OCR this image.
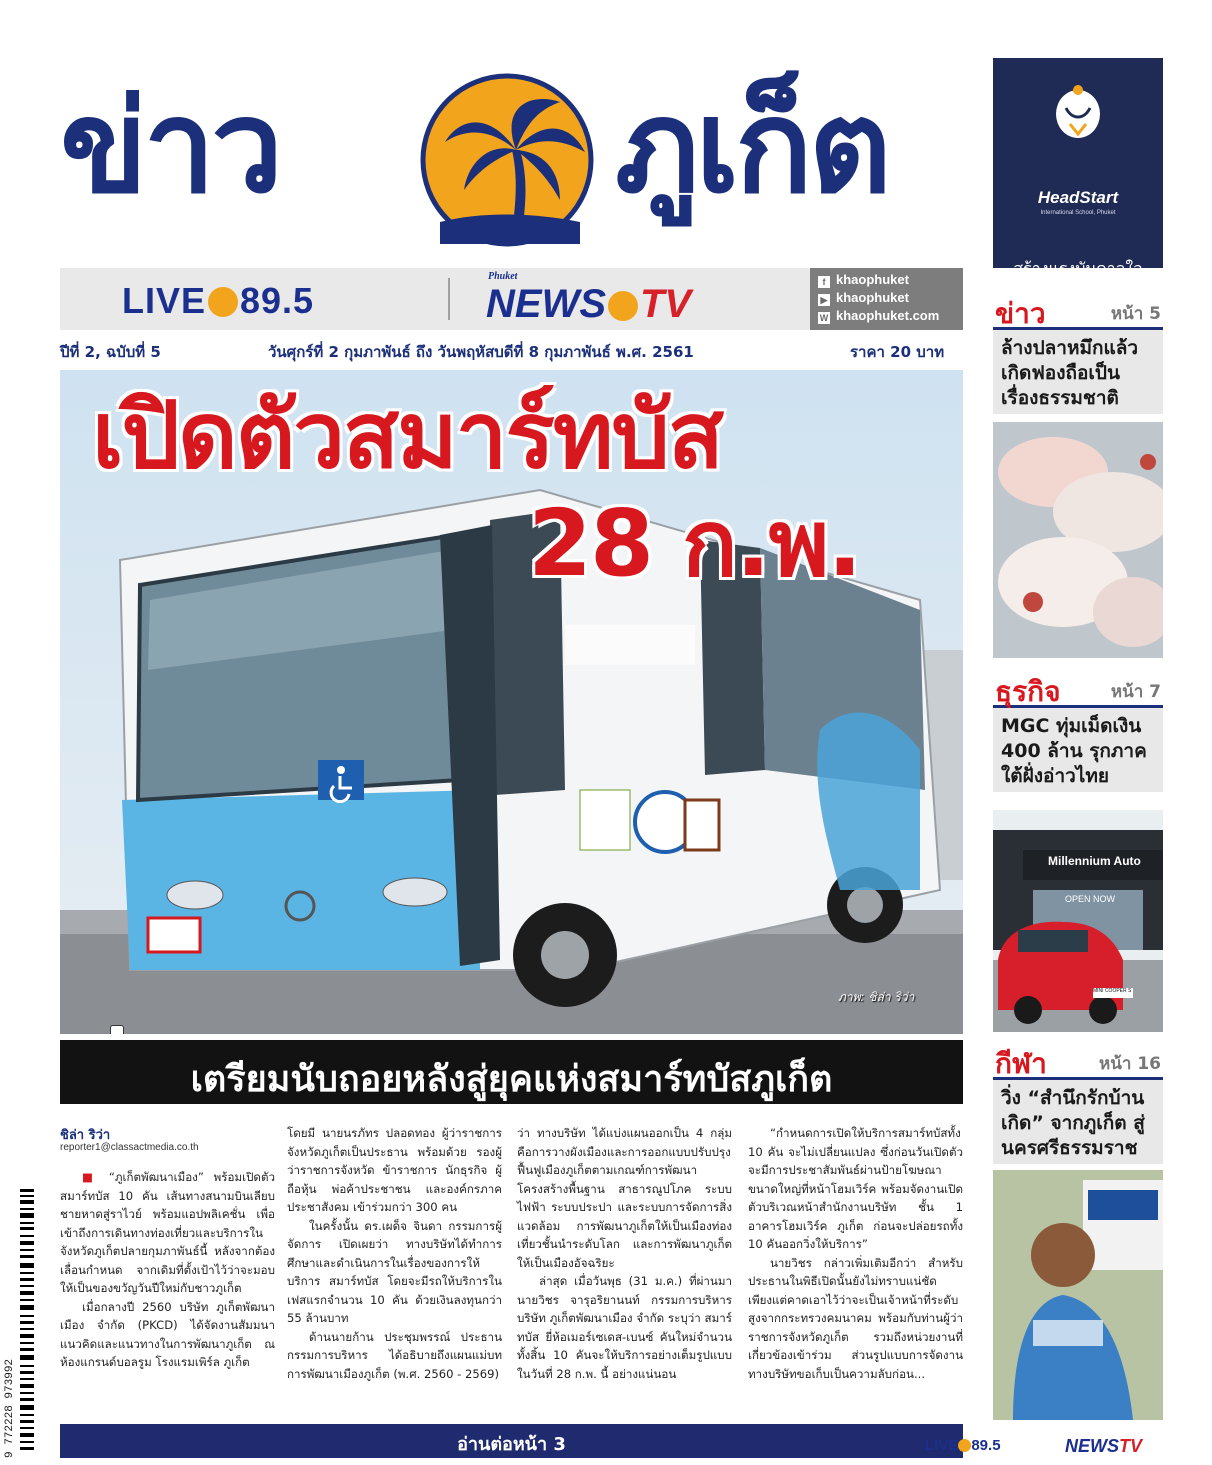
ข่าว	ภูเก็ต	HeadStart
International School, Phuket
สร้างแรงบันดาลใจ
ให้รักการเรียนรู้
LIVE 89.5
Phuket
NEWS TV	f khaophuket
▶ khaophuket
W khaophuket.com
ปีที่ 2, ฉบับที่ 5	วันศุกร์ที่ 2 กุมภาพันธ์ ถึง วันพฤหัสบดีที่ 8 กุมภาพันธ์ พ.ศ. 2561	ราคา 20 บาท
เปิดตัวสมาร์ทบัส
28 ก.พ.
ภาพ: ชิล่า ริว่า
เตรียมนับถอยหลังสู่ยุคแห่งสมาร์ทบัสภูเก็ต
ชิล่า ริว่า
reporter1@classactmedia.co.th

■ “ภูเก็ตพัฒนาเมือง” พร้อมเปิดตัวสมาร์ทบัส 10 คัน เส้นทางสนามบินเลียบชายหาดสู่ราไวย์ พร้อมแอปพลิเคชั่น เพื่อเข้าถึงการเดินทางท่องเที่ยวและบริการในจังหวัดภูเก็ตปลายกุมภาพันธ์นี้ หลังจากต้องเลื่อนกำหนด จากเดิมที่ตั้งเป้าไว้ว่าจะมอบให้เป็นของขวัญวันปีใหม่กับชาวภูเก็ต

เมื่อกลางปี 2560 บริษัท ภูเก็ตพัฒนาเมือง จำกัด (PKCD) ได้จัดงานสัมมนาแนวคิดและแนวทางในการพัฒนาภูเก็ต ณ ห้องแกรนด์บอลรูม โรงแรมเพิร์ล ภูเก็ต

โดยมี นายนรภัทร ปลอดทอง ผู้ว่าราชการจังหวัดภูเก็ตเป็นประธาน พร้อมด้วย รองผู้ว่าราชการจังหวัด ข้าราชการ นักธุรกิจ ผู้ถือหุ้น พ่อค้าประชาชน และองค์กรภาคประชาสังคม เข้าร่วมกว่า 300 คน

ในครั้งนั้น ดร.เผด็จ จินดา กรรมการผู้จัดการ เปิดเผยว่า ทางบริษัทได้ทำการศึกษาและดำเนินการในเรื่องของการให้บริการ สมาร์ทบัส โดยจะมีรถให้บริการในเฟสแรกจำนวน 10 คัน ด้วยเงินลงทุนกว่า 55 ล้านบาท

ด้านนายก้าน ประชุมพรรณ์ ประธานกรรมการบริหาร ได้อธิบายถึงแผนแม่บทการพัฒนาเมืองภูเก็ต (พ.ศ. 2560 - 2569)

ว่า ทางบริษัท ได้แบ่งแผนออกเป็น 4 กลุ่ม คือการวางผังเมืองและการออกแบบปรับปรุงฟื้นฟูเมืองภูเก็ตตามเกณฑ์การพัฒนาโครงสร้างพื้นฐาน สาธารณูปโภค ระบบไฟฟ้า ระบบประปา และระบบการจัดการสิ่งแวดล้อม การพัฒนาภูเก็ตให้เป็นเมืองท่องเที่ยวชั้นนำระดับโลก และการพัฒนาภูเก็ตให้เป็นเมืองอัจฉริยะ

ล่าสุด เมื่อวันพุธ (31 ม.ค.) ที่ผ่านมา นายวิชร จารุอริยานนท์ กรรมการบริหาร บริษัท ภูเก็ตพัฒนาเมือง จำกัด ระบุว่า สมาร์ทบัส ยี่ห้อเมอร์เซเดส-เบนซ์ คันใหม่จำนวนทั้งสิ้น 10 คันจะให้บริการอย่างเต็มรูปแบบในวันที่ 28 ก.พ. นี้ อย่างแน่นอน

“กำหนดการเปิดให้บริการสมาร์ทบัสทั้ง 10 คัน จะไม่เปลี่ยนแปลง ซึ่งก่อนวันเปิดตัวจะมีการประชาสัมพันธ์ผ่านป้ายโฆษณาขนาดใหญ่ที่หน้าโฮมเวิร์ค พร้อมจัดงานเปิดตัวบริเวณหน้าสำนักงานบริษัท ชั้น 1 อาคารโฮมเวิร์ค ภูเก็ต ก่อนจะปล่อยรถทั้ง 10 คันออกวิ่งให้บริการ”

นายวิชร กล่าวเพิ่มเติมอีกว่า สำหรับประธานในพิธีเปิดนั้นยังไม่ทราบแน่ชัด เพียงแต่คาดเอาไว้ว่าจะเป็นเจ้าหน้าที่ระดับสูงจากกระทรวงคมนาคม พร้อมกับท่านผู้ว่าราชการจังหวัดภูเก็ต รวมถึงหน่วยงานที่เกี่ยวข้องเข้าร่วม ส่วนรูปแบบการจัดงาน ทางบริษัทขอเก็บเป็นความลับก่อน...

อ่านต่อหน้า 3
9 772228 973992	LIVE 89.5	NEWSTV
ข่าว	หน้า 5
ล้างปลาหมึกแล้วเกิดฟองถือเป็นเรื่องธรรมชาติ
ธุรกิจ	หน้า 7
MGC ทุ่มเม็ดเงิน 400 ล้าน รุกภาคใต้ฝั่งอ่าวไทย
Millennium Auto
OPEN NOW
MINI COOPER S
กีฬา	หน้า 16
วิ่ง “สำนึกรักบ้านเกิด” จากภูเก็ต สู่นครศรีธรรมราช
